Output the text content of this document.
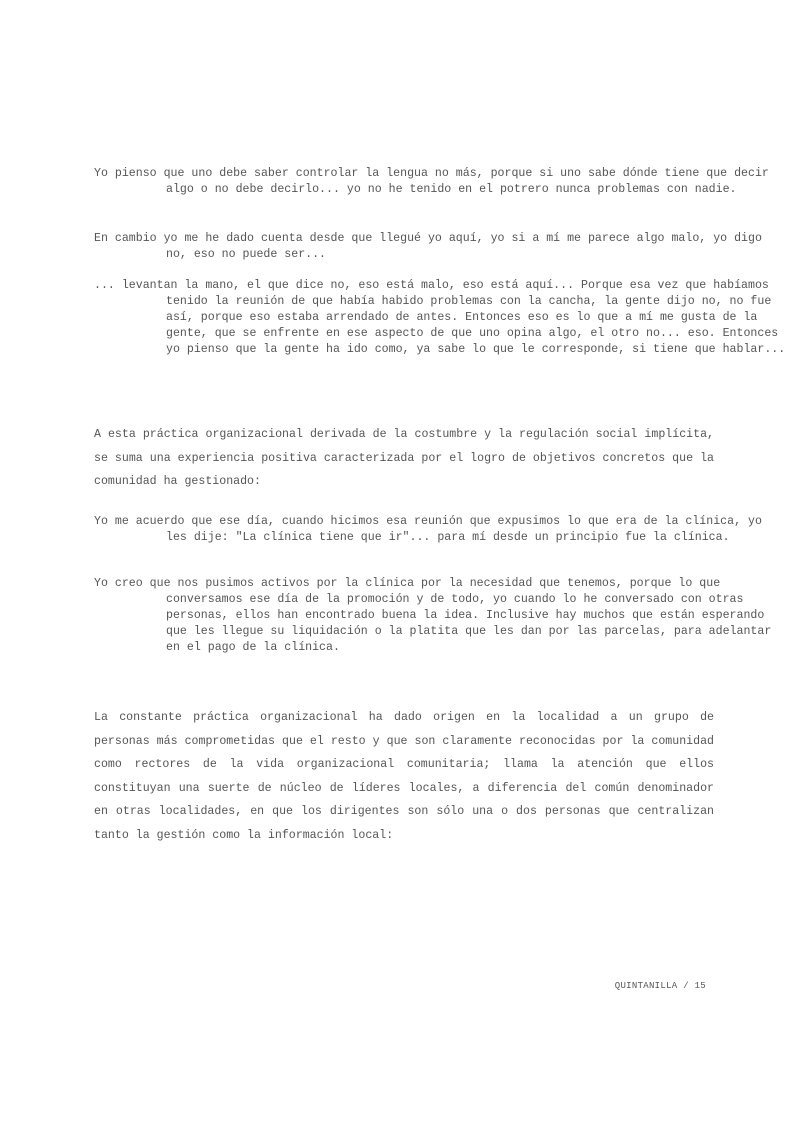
Yo pienso que uno debe saber controlar la lengua no más, porque si uno sabe dónde tiene que decir algo o no debe decirlo... yo no he tenido en el potrero nunca problemas con nadie.

En cambio yo me he dado cuenta desde que llegué yo aquí, yo si a mí me parece algo malo, yo digo no, eso no puede ser...

... levantan la mano, el que dice no, eso está malo, eso está aquí... Porque esa vez que habíamos tenido la reunión de que había habido problemas con la cancha, la gente dijo no, no fue así, porque eso estaba arrendado de antes. Entonces eso es lo que a mí me gusta de la gente, que se enfrente en ese aspecto de que uno opina algo, el otro no... eso. Entonces yo pienso que la gente ha ido como, ya sabe lo que le corresponde, si tiene que hablar...

A esta práctica organizacional derivada de la costumbre y la regulación social implícita, se suma una experiencia positiva caracterizada por el logro de objetivos concretos que la comunidad ha gestionado:

Yo me acuerdo que ese día, cuando hicimos esa reunión que expusimos lo que era de la clínica, yo les dije: "La clínica tiene que ir"... para mí desde un principio fue la clínica.

Yo creo que nos pusimos activos por la clínica por la necesidad que tenemos, porque lo que conversamos ese día de la promoción y de todo, yo cuando lo he conversado con otras personas, ellos han encontrado buena la idea. Inclusive hay muchos que están esperando que les llegue su liquidación o la platita que les dan por las parcelas, para adelantar en el pago de la clínica.

La constante práctica organizacional ha dado origen en la localidad a un grupo de personas más comprometidas que el resto y que son claramente reconocidas por la comunidad como rectores de la vida organizacional comunitaria; llama la atención que ellos constituyan una suerte de núcleo de líderes locales, a diferencia del común denominador en otras localidades, en que los dirigentes son sólo una o dos personas que centralizan tanto la gestión como la información local:

QUINTANILLA / 15
